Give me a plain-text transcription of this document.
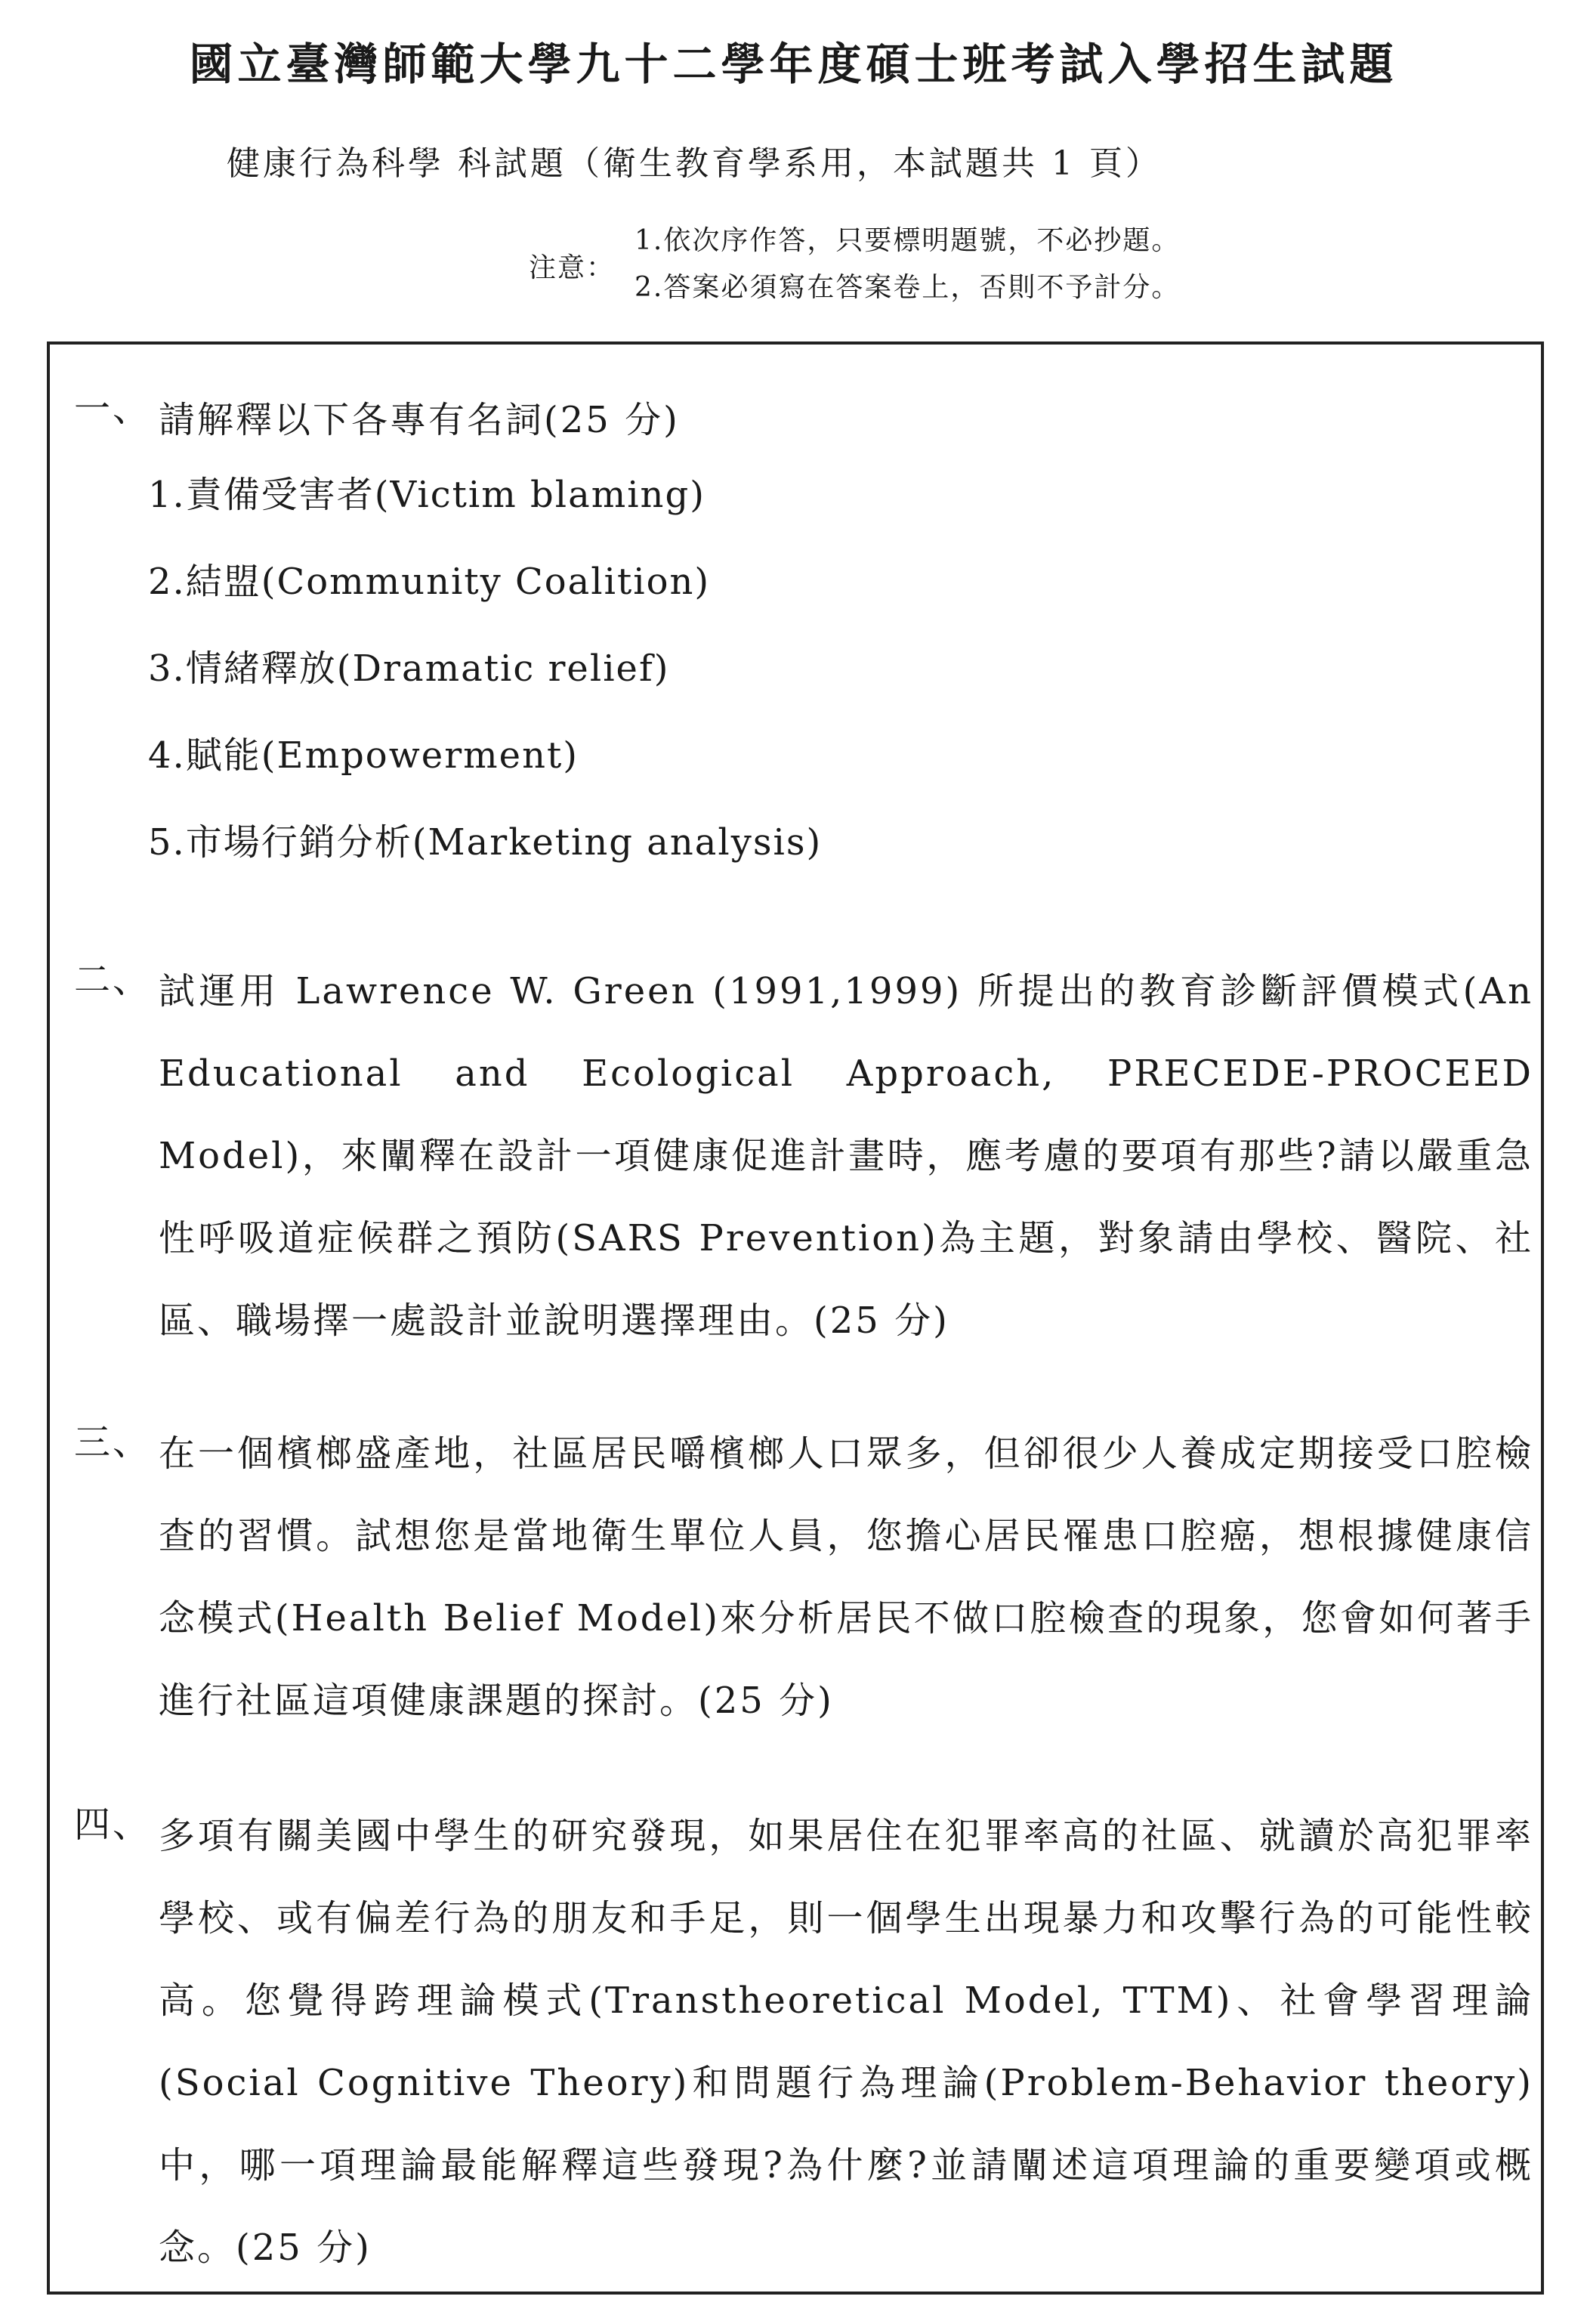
國立臺灣師範大學九十二學年度碩士班考試入學招生試題
健康行為科學 科試題（衛生教育學系用，本試題共 1 頁）
注意：
1.依次序作答，只要標明題號，不必抄題。
2.答案必須寫在答案卷上，否則不予計分。
一、 請解釋以下各專有名詞(25 分)
1.責備受害者(Victim blaming)
2.結盟(Community Coalition)
3.情緒釋放(Dramatic relief)
4.賦能(Empowerment)
5.市場行銷分析(Marketing analysis)
二、 試運用 Lawrence W. Green (1991,1999) 所提出的教育診斷評價模式(An Educational and Ecological Approach, PRECEDE-PROCEED Model)，來闡釋在設計一項健康促進計畫時，應考慮的要項有那些?請以嚴重急性呼吸道症候群之預防(SARS Prevention)為主題，對象請由學校、醫院、社區、職場擇一處設計並說明選擇理由。(25 分)
三、 在一個檳榔盛產地，社區居民嚼檳榔人口眾多，但卻很少人養成定期接受口腔檢查的習慣。試想您是當地衛生單位人員，您擔心居民罹患口腔癌，想根據健康信念模式(Health Belief Model)來分析居民不做口腔檢查的現象，您會如何著手進行社區這項健康課題的探討。(25 分)
四、 多項有關美國中學生的研究發現，如果居住在犯罪率高的社區、就讀於高犯罪率學校、或有偏差行為的朋友和手足，則一個學生出現暴力和攻擊行為的可能性較高。您覺得跨理論模式(Transtheoretical Model, TTM)、社會學習理論(Social Cognitive Theory)和問題行為理論(Problem-Behavior theory)中，哪一項理論最能解釋這些發現?為什麼?並請闡述這項理論的重要變項或概念。(25 分)
